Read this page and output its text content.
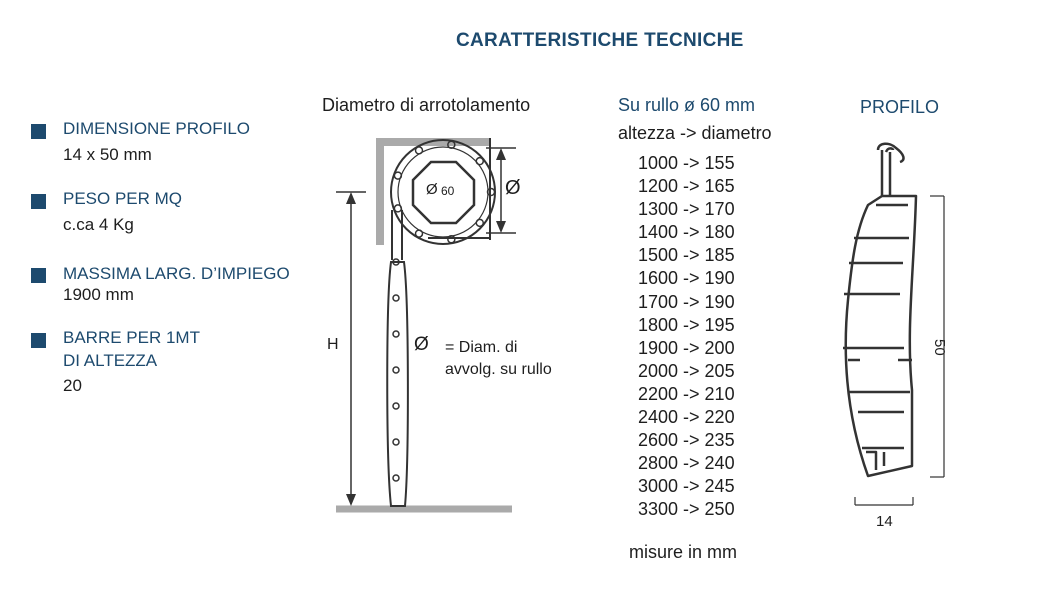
CARATTERISTICHE TECNICHE
DIMENSIONE PROFILO
14 x 50 mm
PESO PER MQ
c.ca 4 Kg
MASSIMA LARG. D’IMPIEGO
1900 mm
BARRE PER 1MT
DI ALTEZZA
20
Diametro di arrotolamento
H	Ø = Diam. di
avvolg. su rullo
Ø
Ø 60
Su rullo ø 60 mm
altezza -> diametro
1000 -> 155
1200 -> 165
1300 -> 170
1400 -> 180
1500 -> 185
1600 -> 190
1700 -> 190
1800 -> 195
1900 -> 200
2000 -> 205
2200 -> 210
2400 -> 220
2600 -> 235
2800 -> 240
3000 -> 245
3300 -> 250
misure in mm
PROFILO
50
14
